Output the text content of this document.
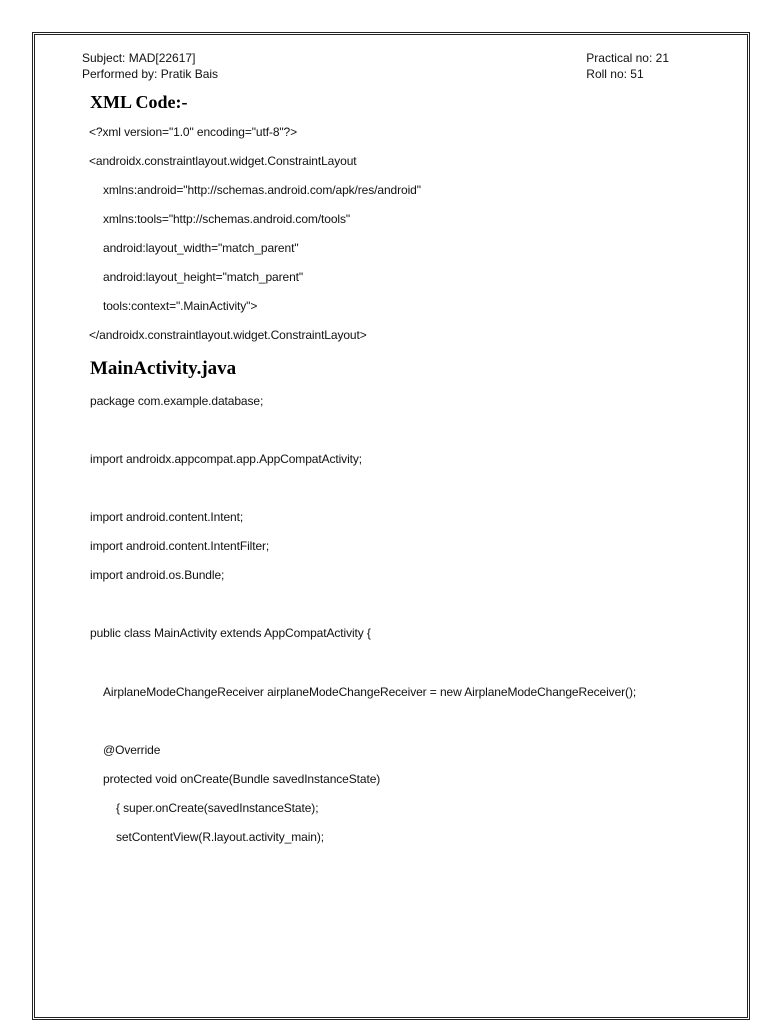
Subject: MAD[22617]
Performed by: Pratik Bais
Practical no: 21
Roll no: 51
XML Code:-
<?xml version="1.0" encoding="utf-8"?>
<androidx.constraintlayout.widget.ConstraintLayout
xmlns:android="http://schemas.android.com/apk/res/android"
xmlns:tools="http://schemas.android.com/tools"
android:layout_width="match_parent"
android:layout_height="match_parent"
tools:context=".MainActivity">
</androidx.constraintlayout.widget.ConstraintLayout>
MainActivity.java
package com.example.database;
import androidx.appcompat.app.AppCompatActivity;
import android.content.Intent;
import android.content.IntentFilter;
import android.os.Bundle;
public class MainActivity extends AppCompatActivity {
AirplaneModeChangeReceiver airplaneModeChangeReceiver = new AirplaneModeChangeReceiver();
@Override
protected void onCreate(Bundle savedInstanceState)
{ super.onCreate(savedInstanceState);
setContentView(R.layout.activity_main);
